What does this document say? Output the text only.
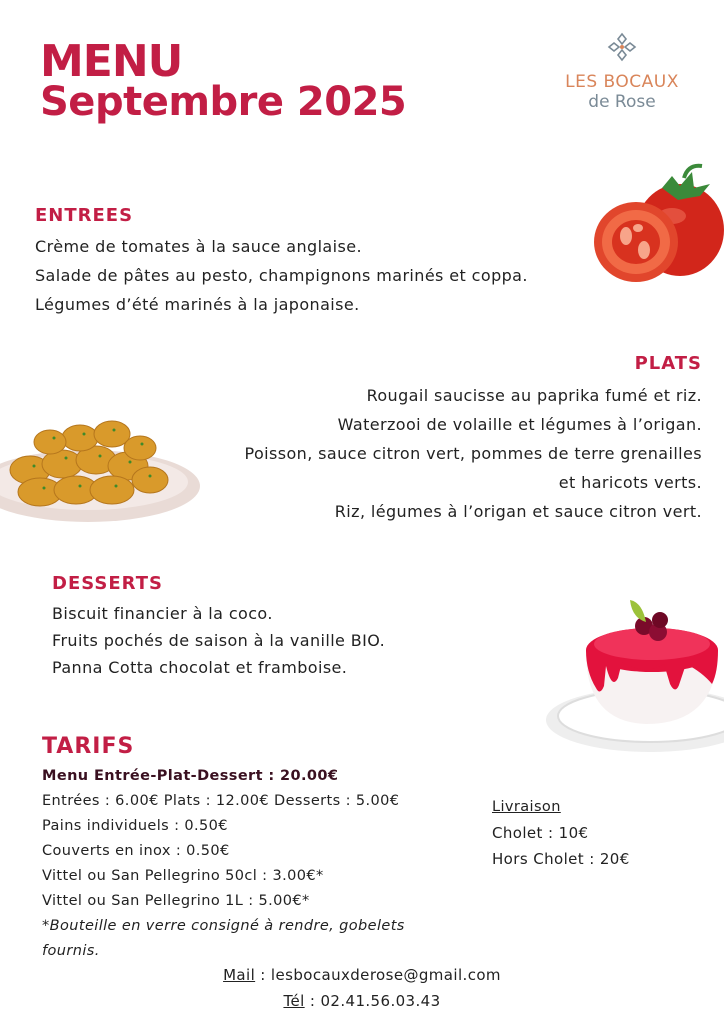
MENU
Septembre 2025	LES BOCAUX
de Rose
ENTREES
Crème de tomates à la sauce anglaise.
Salade de pâtes au pesto, champignons marinés et coppa.
Légumes d’été marinés à la japonaise.
PLATS
Rougail saucisse au paprika fumé et riz.
Waterzooi de volaille et légumes à l’origan.
Poisson, sauce citron vert, pommes de terre grenailles
et haricots verts.
Riz, légumes à l’origan et sauce citron vert.
DESSERTS
Biscuit financier à la coco.
Fruits pochés de saison à la vanille BIO.
Panna Cotta chocolat et framboise.
TARIFS
Menu Entrée-Plat-Dessert : 20.00€
Entrées : 6.00€ Plats : 12.00€ Desserts : 5.00€
Pains individuels : 0.50€
Couverts en inox : 0.50€
Vittel ou San Pellegrino 50cl : 3.00€*
Vittel ou San Pellegrino 1L : 5.00€*
*Bouteille en verre consigné à rendre, gobelets
fournis.
Livraison
Cholet : 10€
Hors Cholet : 20€
Mail : lesbocauxderose@gmail.com
Tél : 02.41.56.03.43
